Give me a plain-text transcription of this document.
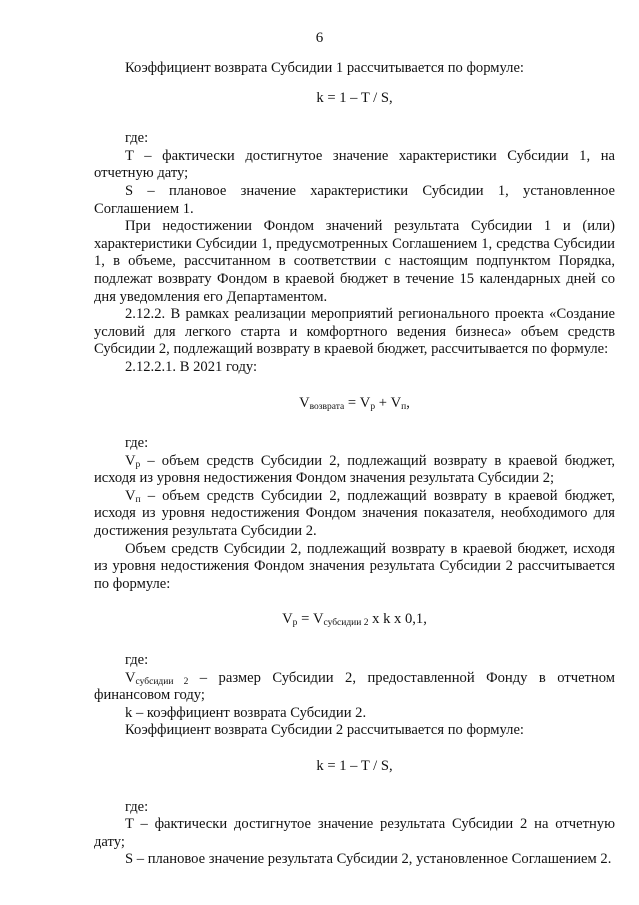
6

Коэффициент возврата Субсидии 1 рассчитывается по формуле:

k = 1 – T / S,

где:

T – фактически достигнутое значение характеристики Субсидии 1, на отчетную дату;

S – плановое значение характеристики Субсидии 1, установленное Соглашением 1.

При недостижении Фондом значений результата Субсидии 1 и (или) характеристики Субсидии 1, предусмотренных Соглашением 1, средства Субсидии 1, в объеме, рассчитанном в соответствии с настоящим подпунктом Порядка, подлежат возврату Фондом в краевой бюджет в течение 15 календарных дней со дня уведомления его Департаментом.

2.12.2. В рамках реализации мероприятий регионального проекта «Создание условий для легкого старта и комфортного ведения бизнеса» объем средств Субсидии 2, подлежащий возврату в краевой бюджет, рассчитывается по формуле:

2.12.2.1. В 2021 году:

$V_{возврата} = V_р + V_п$,

где:

$V_р$ – объем средств Субсидии 2, подлежащий возврату в краевой бюджет, исходя из уровня недостижения Фондом значения результата Субсидии 2;

$V_п$ – объем средств Субсидии 2, подлежащий возврату в краевой бюджет, исходя из уровня недостижения Фондом значения показателя, необходимого для достижения результата Субсидии 2.

Объем средств Субсидии 2, подлежащий возврату в краевой бюджет, исходя из уровня недостижения Фондом значения результата Субсидии 2 рассчитывается по формуле:

$V_р = V_{субсидии 2}$ x k x 0,1,

где:

$V_{субсидии 2}$ – размер Субсидии 2, предоставленной Фонду в отчетном финансовом году;

k – коэффициент возврата Субсидии 2.

Коэффициент возврата Субсидии 2 рассчитывается по формуле:

k = 1 – T / S,

где:

T – фактически достигнутое значение результата Субсидии 2 на отчетную дату;

S – плановое значение результата Субсидии 2, установленное Соглашением 2.
